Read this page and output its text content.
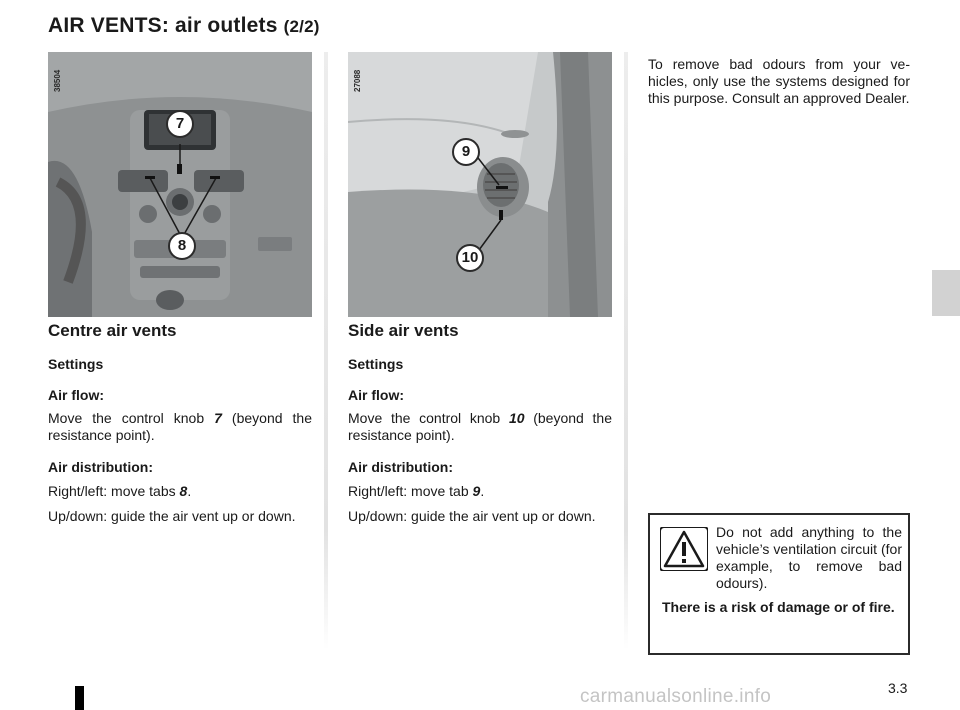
AIR VENTS: air outlets (2/2)
38504
7
8
27088
9
10
Centre air vents
Settings
Air flow:
Move the control knob 7 (beyond the resistance point).
Air distribution:
Right/left: move tabs 8.
Up/down: guide the air vent up or down.
Side air vents
Settings
Air flow:
Move the control knob 10 (beyond the resistance point).
Air distribution:
Right/left: move tab 9.
Up/down: guide the air vent up or down.
To remove bad odours from your ve-hicles, only use the systems designed for this purpose. Consult an approved Dealer.
Do not add anything to the vehicle’s ventilation circuit (for example, to remove bad odours).
There is a risk of damage or of fire.
3.3
carmanualsonline.info
